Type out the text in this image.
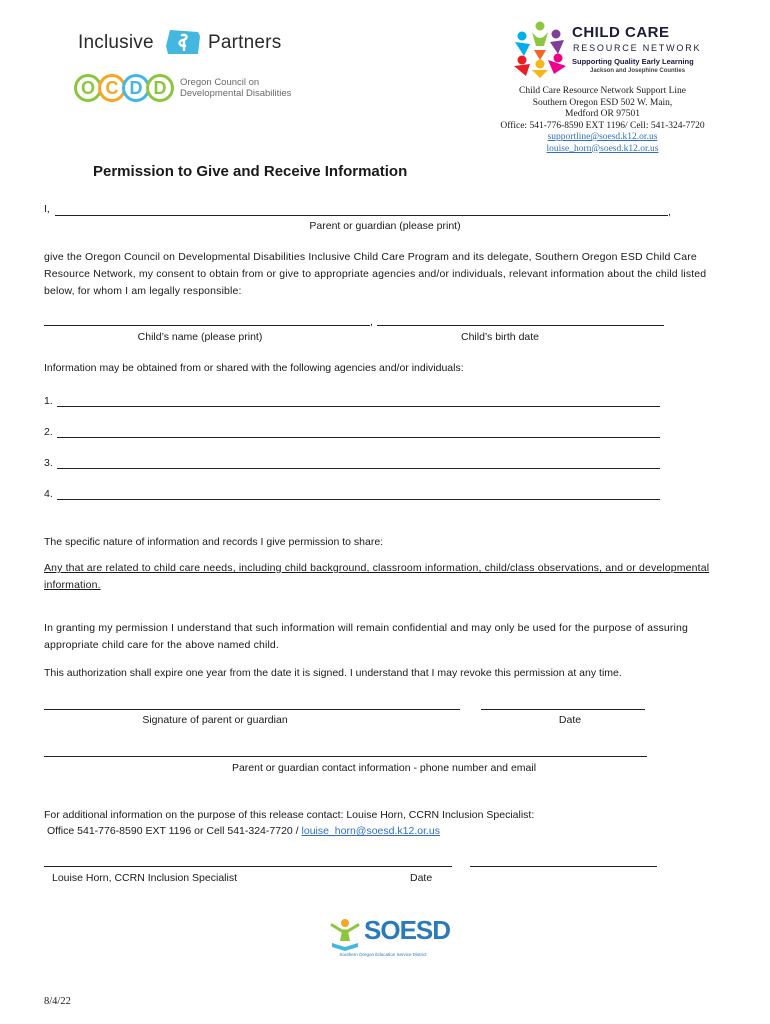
Inclusive	Partners
O C D D Oregon Council on
Developmental Disabilities
CHILD CARE
RESOURCE NETWORK
Supporting Quality Early Learning
Jackson and Josephine Counties
Child Care Resource Network Support Line
Southern Oregon ESD 502 W. Main,
Medford OR 97501
Office: 541-776-8590 EXT 1196/ Cell: 541-324-7720
supportline@soesd.k12.or.us
louise_horn@soesd.k12.or.us
Permission to Give and Receive Information
I,	,
Parent or guardian (please print)

give the Oregon Council on Developmental Disabilities Inclusive Child Care Program and its delegate, Southern Oregon ESD Child Care Resource Network, my consent to obtain from or give to appropriate agencies and/or individuals, relevant information about the child listed below, for whom I am legally responsible:

,
Child’s name (please print)	Child’s birth date
Information may be obtained from or shared with the following agencies and/or individuals:
1.
2.
3.
4.
The specific nature of information and records I give permission to share:

Any that are related to child care needs, including child background, classroom information, child/class observations, and or developmental information.

In granting my permission I understand that such information will remain confidential and may only be used for the purpose of assuring appropriate child care for the above named child.

This authorization shall expire one year from the date it is signed. I understand that I may revoke this permission at any time.
Signature of parent or guardian	Date
Parent or guardian contact information - phone number and email
For additional information on the purpose of this release contact: Louise Horn, CCRN Inclusion Specialist:
Office 541-776-8590 EXT 1196 or Cell 541-324-7720 / louise_horn@soesd.k12.or.us
Louise Horn, CCRN Inclusion Specialist	Date
SOESD
Southern Oregon Education Service District
8/4/22
